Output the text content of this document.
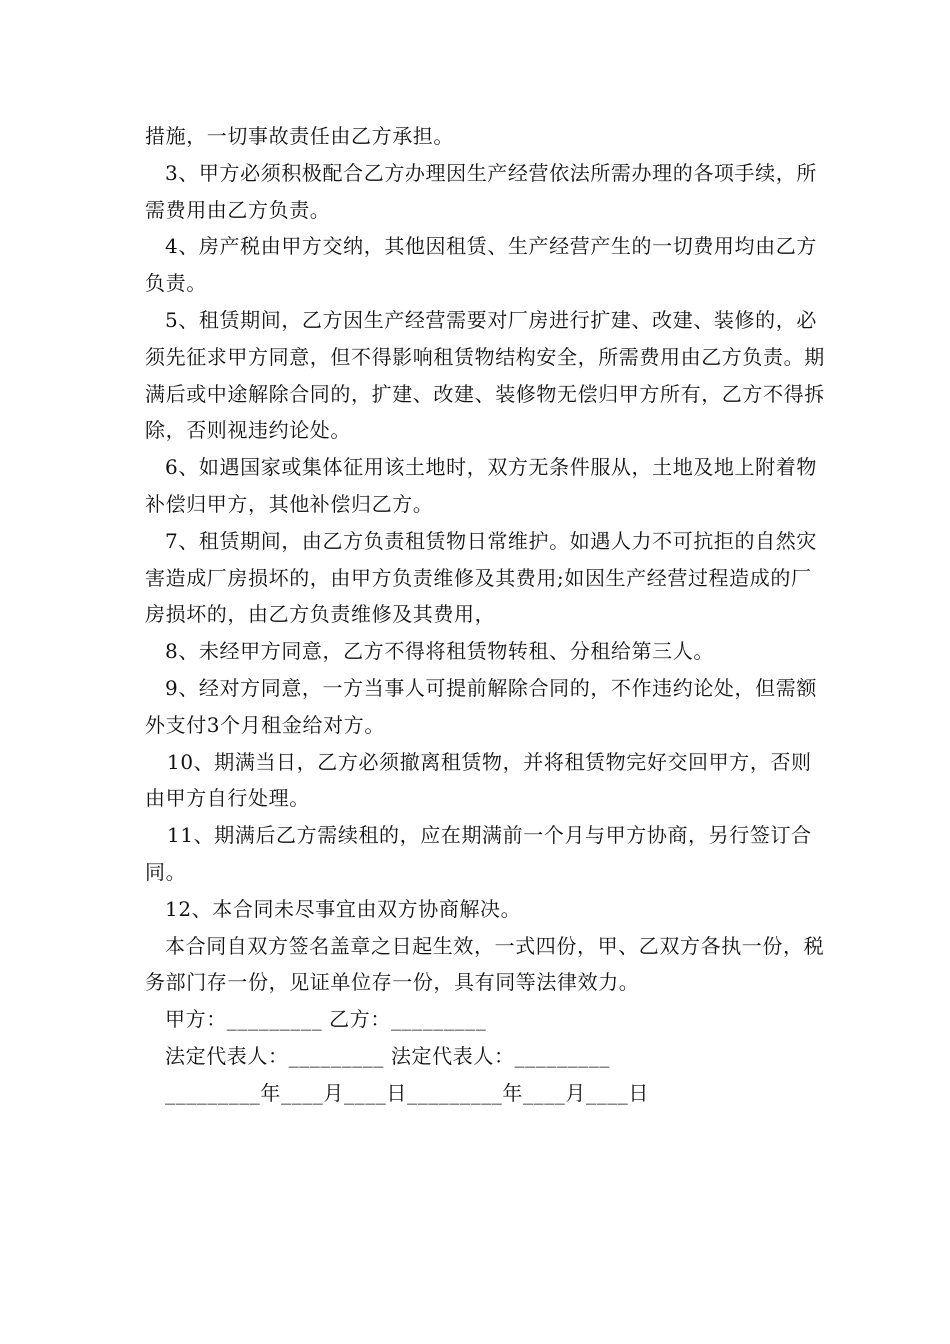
措施，一切事故责任由乙方承担。

3、甲方必须积极配合乙方办理因生产经营依法所需办理的各项手续，所需费用由乙方负责。

4、房产税由甲方交纳，其他因租赁、生产经营产生的一切费用均由乙方负责。

5、租赁期间，乙方因生产经营需要对厂房进行扩建、改建、装修的，必须先征求甲方同意，但不得影响租赁物结构安全，所需费用由乙方负责。期满后或中途解除合同的，扩建、改建、装修物无偿归甲方所有，乙方不得拆除，否则视违约论处。

6、如遇国家或集体征用该土地时，双方无条件服从，土地及地上附着物补偿归甲方，其他补偿归乙方。

7、租赁期间，由乙方负责租赁物日常维护。如遇人力不可抗拒的自然灾害造成厂房损坏的，由甲方负责维修及其费用;如因生产经营过程造成的厂房损坏的，由乙方负责维修及其费用，

8、未经甲方同意，乙方不得将租赁物转租、分租给第三人。

9、经对方同意，一方当事人可提前解除合同的，不作违约论处，但需额外支付3个月租金给对方。

10、期满当日，乙方必须撤离租赁物，并将租赁物完好交回甲方，否则由甲方自行处理。

11、期满后乙方需续租的，应在期满前一个月与甲方协商，另行签订合同。

12、本合同未尽事宜由双方协商解决。

本合同自双方签名盖章之日起生效，一式四份，甲、乙双方各执一份，税务部门存一份，见证单位存一份，具有同等法律效力。

甲方：_________ 乙方：_________

法定代表人：_________ 法定代表人：_________

_________年____月____日_________年____月____日
